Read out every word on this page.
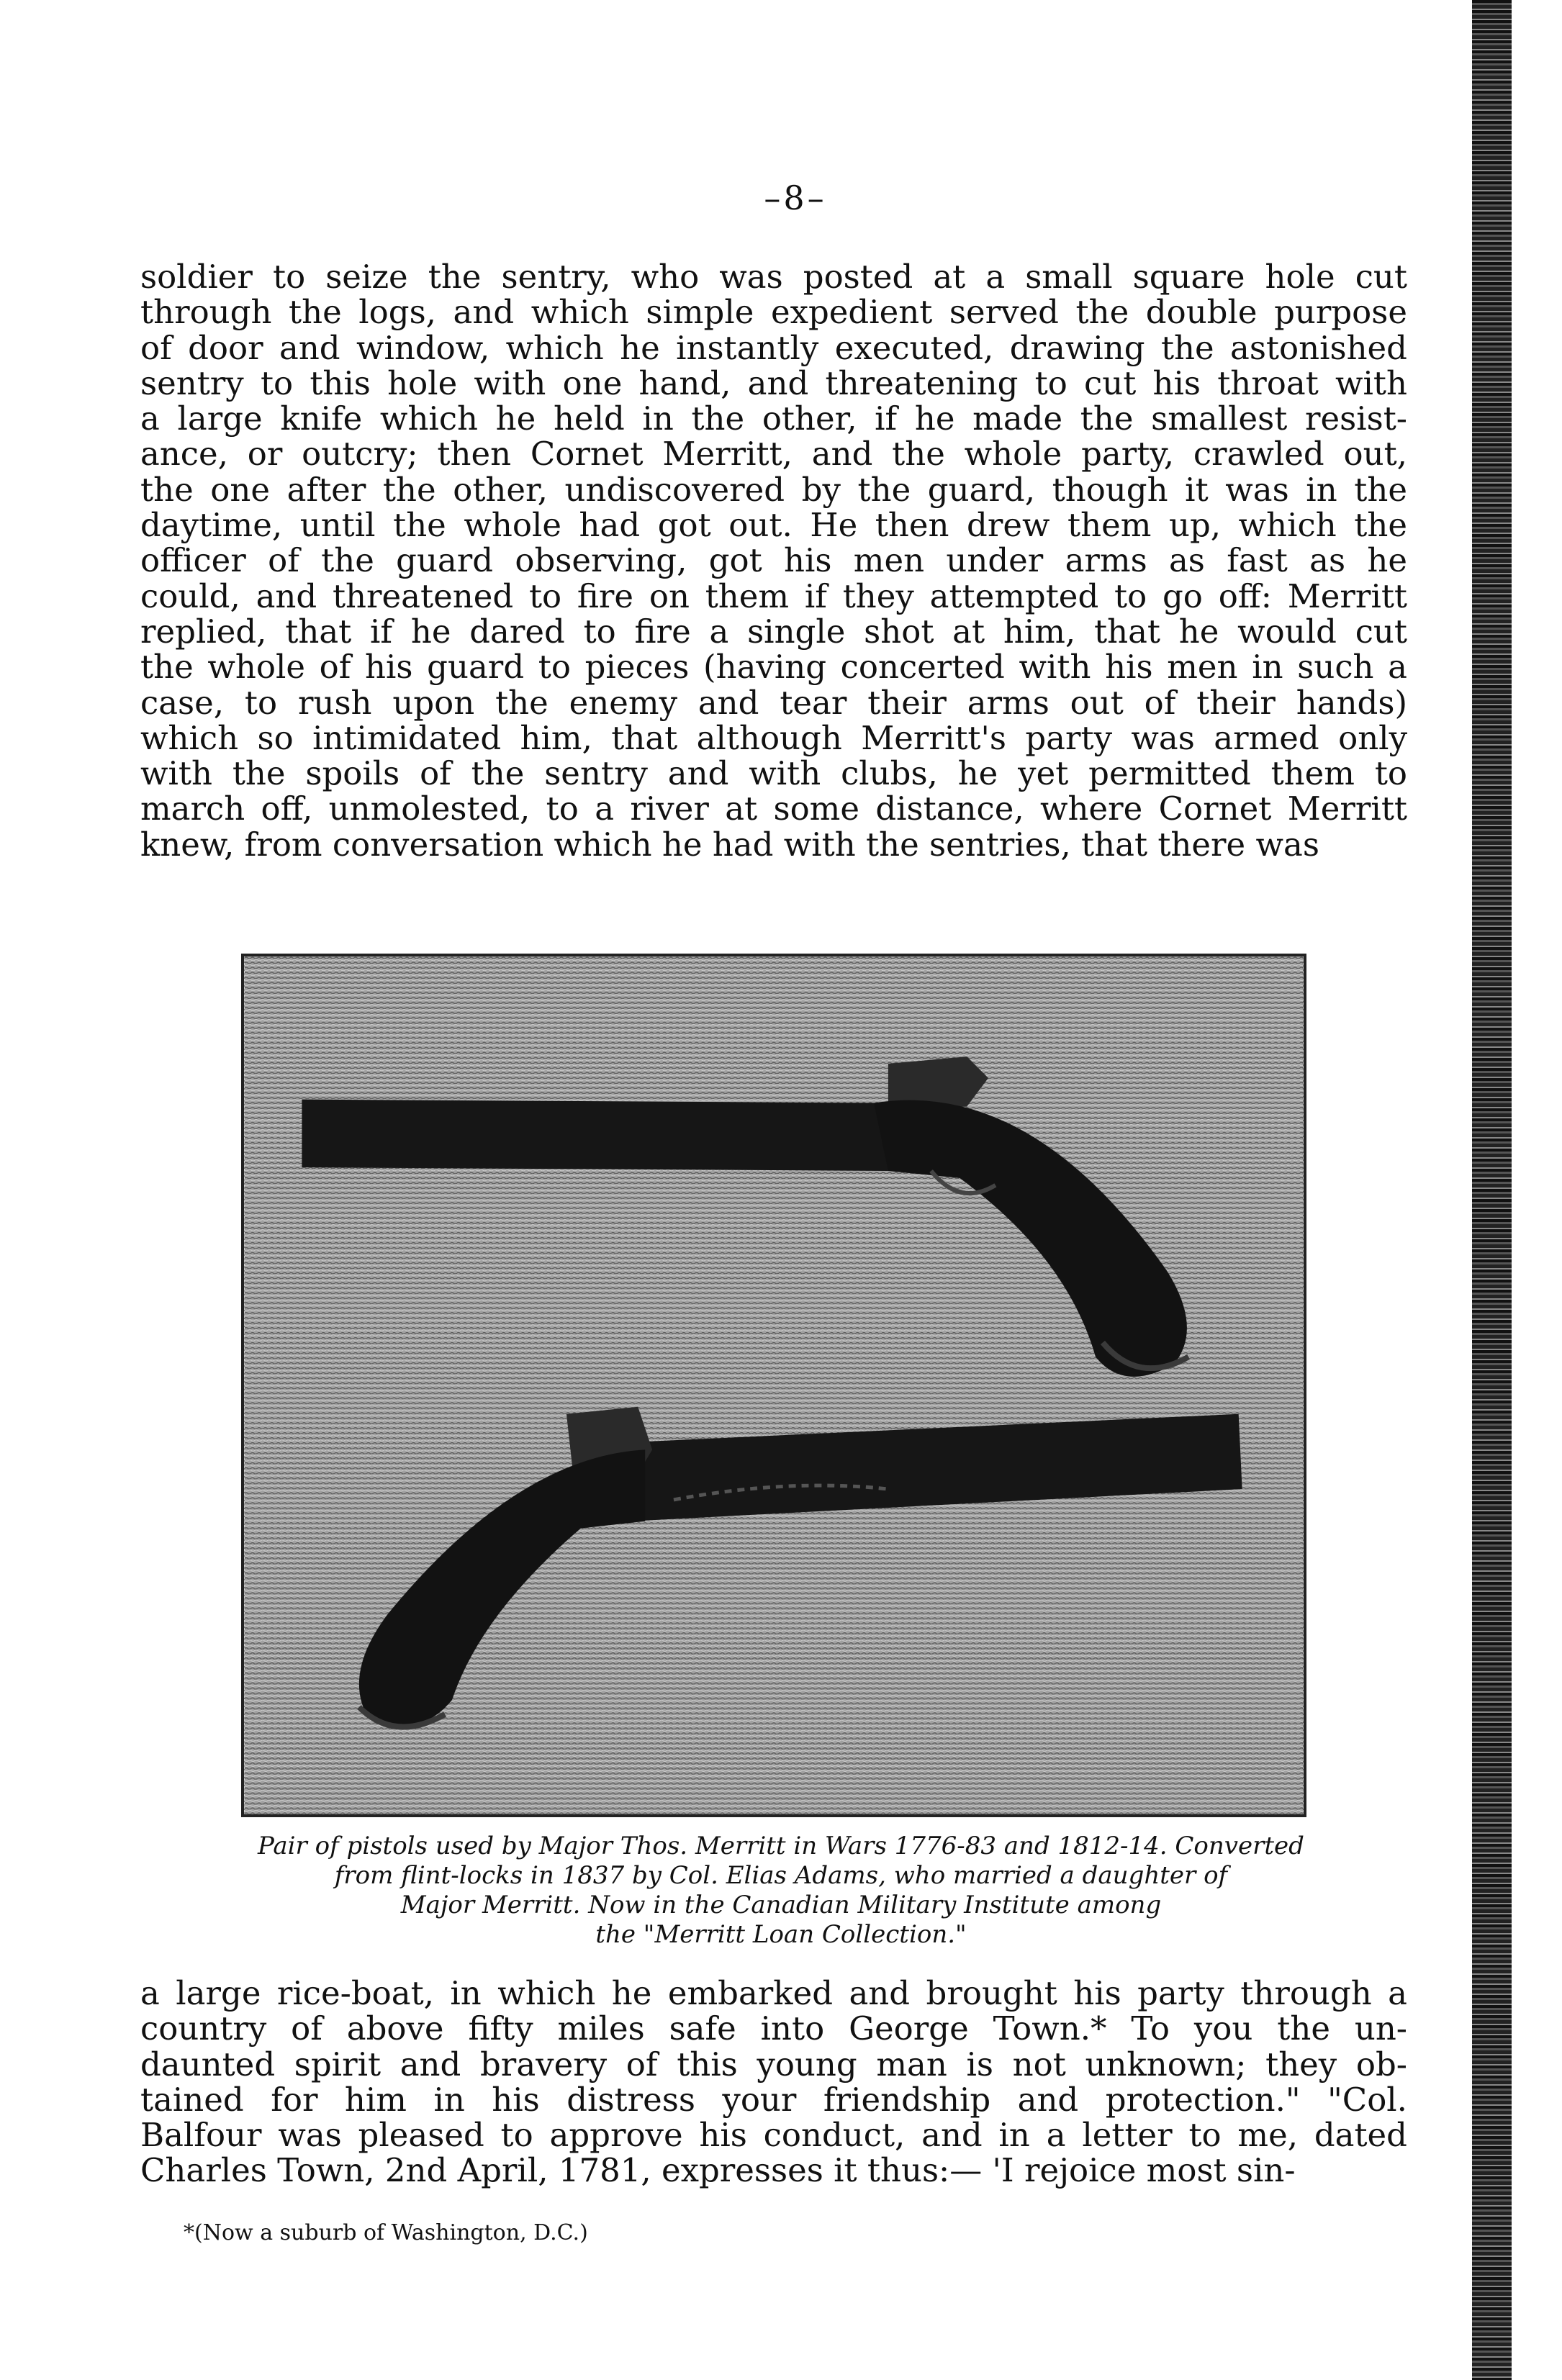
–8–
soldier to seize the sentry, who was posted at a small square hole cut
through the logs, and which simple expedient served the double purpose
of door and window, which he instantly executed, drawing the astonished
sentry to this hole with one hand, and threatening to cut his throat with
a large knife which he held in the other, if he made the smallest resist-
ance, or outcry; then Cornet Merritt, and the whole party, crawled out,
the one after the other, undiscovered by the guard, though it was in the
daytime, until the whole had got out. He then drew them up, which the
officer of the guard observing, got his men under arms as fast as he
could, and threatened to fire on them if they attempted to go off: Merritt
replied, that if he dared to fire a single shot at him, that he would cut
the whole of his guard to pieces (having concerted with his men in such a
case, to rush upon the enemy and tear their arms out of their hands)
which so intimidated him, that although Merritt's party was armed only
with the spoils of the sentry and with clubs, he yet permitted them to
march off, unmolested, to a river at some distance, where Cornet Merritt
knew, from conversation which he had with the sentries, that there was
Pair of pistols used by Major Thos. Merritt in Wars 1776-83 and 1812-14. Converted
from flint-locks in 1837 by Col. Elias Adams, who married a daughter of
Major Merritt. Now in the Canadian Military Institute among
the "Merritt Loan Collection."
a large rice-boat, in which he embarked and brought his party through a
country of above fifty miles safe into George Town.* To you the un-
daunted spirit and bravery of this young man is not unknown; they ob-
tained for him in his distress your friendship and protection." "Col.
Balfour was pleased to approve his conduct, and in a letter to me, dated
Charles Town, 2nd April, 1781, expresses it thus:— 'I rejoice most sin-
*(Now a suburb of Washington, D.C.)
